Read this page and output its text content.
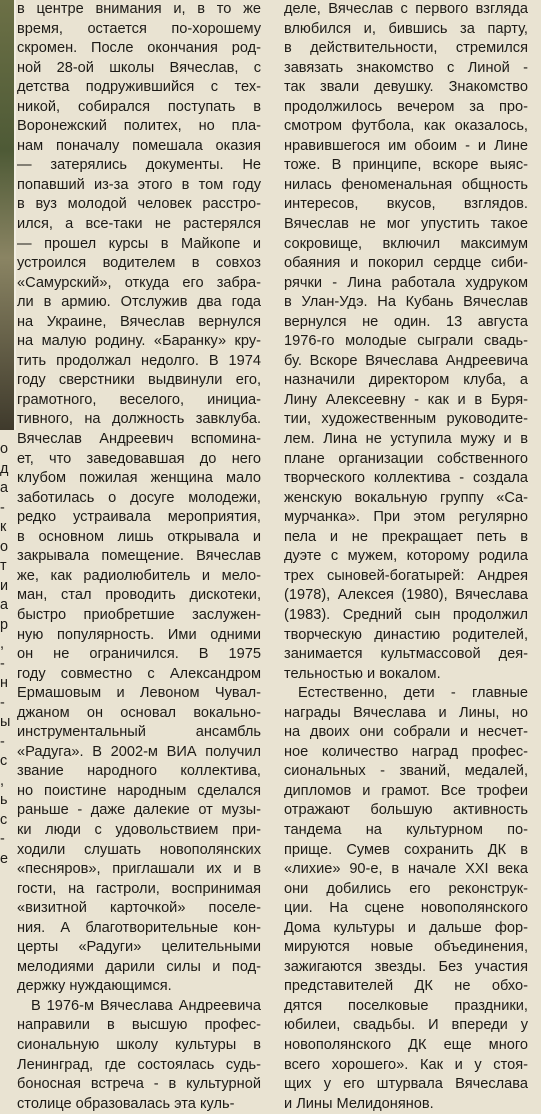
о
д
а
-
к
о
т
и
а
р
,
-
н
-
ы
-
с
,
ь
с
-
е
в центре внимания и, в то же
время, остается по-хорошему
скромен. После окончания род-
ной 28-ой школы Вячеслав, с
детства подружившийся с тех-
никой, собирался поступать в
Воронежский политех, но пла-
нам поначалу помешала оказия
— затерялись документы. Не
попавший из-за этого в том году
в вуз молодой человек расстро-
ился, а все-таки не растерялся
— прошел курсы в Майкопе и
устроился водителем в совхоз
«Самурский», откуда его забра-
ли в армию. Отслужив два года
на Украине, Вячеслав вернулся
на малую родину. «Баранку» кру-
тить продолжал недолго. В 1974
году сверстники выдвинули его,
грамотного, веселого, инициа-
тивного, на должность завклуба.
Вячеслав Андреевич вспомина-
ет, что заведовавшая до него
клубом пожилая женщина мало
заботилась о досуге молодежи,
редко устраивала мероприятия,
в основном лишь открывала и
закрывала помещение. Вячеслав
же, как радиолюбитель и мело-
ман, стал проводить дискотеки,
быстро приобретшие заслужен-
ную популярность. Ими одними
он не ограничился. В 1975
году совместно с Александром
Ермашовым и Левоном Чувал-
джаном он основал вокально-
инструментальный ансамбль
«Радуга». В 2002-м ВИА получил
звание народного коллектива,
но поистине народным сделался
раньше - даже далекие от музы-
ки люди с удовольствием при-
ходили слушать новополянских
«песняров», приглашали их и в
гости, на гастроли, воспринимая
«визитной карточкой» поселе-
ния. А благотворительные кон-
церты «Радуги» целительными
мелодиями дарили силы и под-
держку нуждающимся.
В 1976-м Вячеслава Андреевича
направили в высшую профес-
сиональную школу культуры в
Ленинград, где состоялась судь-
боносная встреча - в культурной
столице образовалась эта куль-
деле, Вячеслав с первого взгляда
влюбился и, бившись за парту,
в действительности, стремился
завязать знакомство с Линой -
так звали девушку. Знакомство
продолжилось вечером за про-
смотром футбола, как оказалось,
нравившегося им обоим - и Лине
тоже. В принципе, вскоре выяс-
нилась феноменальная общность
интересов, вкусов, взглядов.
Вячеслав не мог упустить такое
сокровище, включил максимум
обаяния и покорил сердце сиби-
рячки - Лина работала худруком
в Улан-Удэ. На Кубань Вячеслав
вернулся не один. 13 августа
1976-го молодые сыграли свадь-
бу. Вскоре Вячеслава Андреевича
назначили директором клуба, а
Лину Алексеевну - как и в Буря-
тии, художественным руководите-
лем. Лина не уступила мужу и в
плане организации собственного
творческого коллектива - создала
женскую вокальную группу «Са-
мурчанка». При этом регулярно
пела и не прекращает петь в
дуэте с мужем, которому родила
трех сыновей-богатырей: Андрея
(1978), Алексея (1980), Вячеслава
(1983). Средний сын продолжил
творческую династию родителей,
занимается культмассовой дея-
тельностью и вокалом.
Естественно, дети - главные
награды Вячеслава и Лины, но
на двоих они собрали и несчет-
ное количество наград профес-
сиональных - званий, медалей,
дипломов и грамот. Все трофеи
отражают большую активность
тандема на культурном по-
прище. Сумев сохранить ДК в
«лихие» 90-е, в начале XXI века
они добились его реконструк-
ции. На сцене новополянского
Дома культуры и дальше фор-
мируются новые объединения,
зажигаются звезды. Без участия
представителей ДК не обхо-
дятся поселковые праздники,
юбилеи, свадьбы. И впереди у
новополянского ДК еще много
всего хорошего». Как и у стоя-
щих у его штурвала Вячеслава
и Лины Мелидонянов.
